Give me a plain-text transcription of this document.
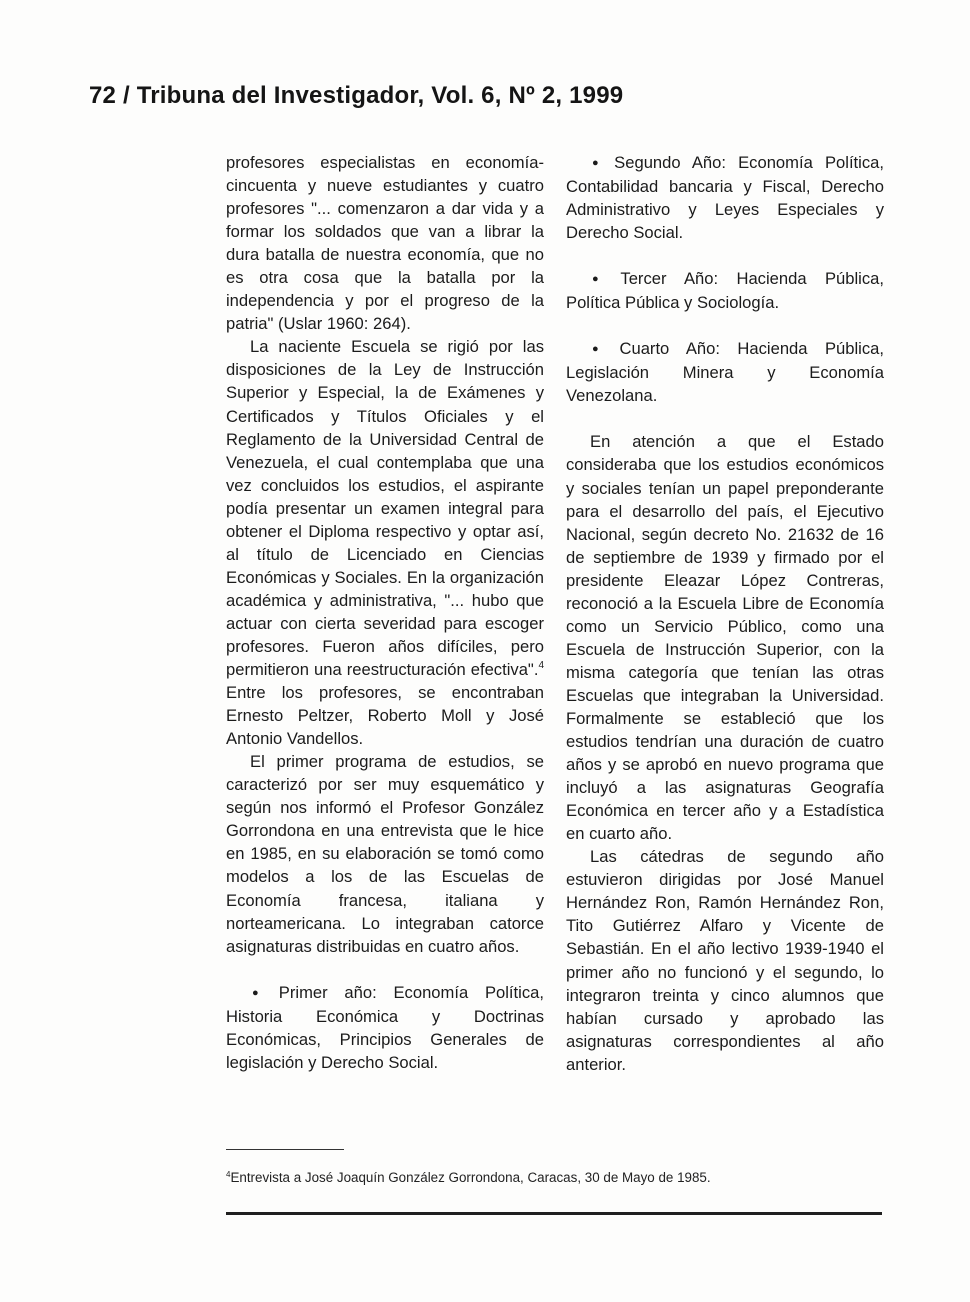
72 / Tribuna del Investigador, Vol. 6, Nº 2, 1999

profesores especialistas en economía- cincuenta y nueve estudiantes y cuatro profesores "... comenzaron a dar vida y a formar los soldados que van a librar la dura batalla de nuestra economía, que no es otra cosa que la batalla por la independencia y por el progreso de la patria" (Uslar 1960: 264).

La naciente Escuela se rigió por las disposiciones de la Ley de Instrucción Superior y Especial, la de Exámenes y Certificados y Títulos Oficiales y el Reglamento de la Universidad Central de Venezuela, el cual contemplaba que una vez concluidos los estudios, el aspirante podía presentar un examen integral para obtener el Diploma respectivo y optar así, al título de Licenciado en Ciencias Económicas y Sociales. En la organización académica y administrativa, "... hubo que actuar con cierta severidad para escoger profesores. Fueron años difíciles, pero permitieron una reestructuración efectiva".$^4$ Entre los profesores, se encontraban Ernesto Peltzer, Roberto Moll y José Antonio Vandellos.

El primer programa de estudios, se caracterizó por ser muy esquemático y según nos informó el Profesor González Gorrondona en una entrevista que le hice en 1985, en su elaboración se tomó como modelos a los de las Escuelas de Economía francesa, italiana y norteamericana. Lo integraban catorce asignaturas distribuidas en cuatro años.

● Primer año: Economía Política, Historia Económica y Doctrinas Económicas, Principios Generales de legislación y Derecho Social.

● Segundo Año: Economía Política, Contabilidad bancaria y Fiscal, Derecho Administrativo y Leyes Especiales y Derecho Social.

● Tercer Año: Hacienda Pública, Política Pública y Sociología.

● Cuarto Año: Hacienda Pública, Legislación Minera y Economía Venezolana.

En atención a que el Estado consideraba que los estudios económicos y sociales tenían un papel preponderante para el desarrollo del país, el Ejecutivo Nacional, según decreto No. 21632 de 16 de septiembre de 1939 y firmado por el presidente Eleazar López Contreras, reconoció a la Escuela Libre de Economía como un Servicio Público, como una Escuela de Instrucción Superior, con la misma categoría que tenían las otras Escuelas que integraban la Universidad. Formalmente se estableció que los estudios tendrían una duración de cuatro años y se aprobó en nuevo programa que incluyó a las asignaturas Geografía Económica en tercer año y a Estadística en cuarto año.

Las cátedras de segundo año estuvieron dirigidas por José Manuel Hernández Ron, Ramón Hernández Ron, Tito Gutiérrez Alfaro y Vicente de Sebastián. En el año lectivo 1939-1940 el primer año no funcionó y el segundo, lo integraron treinta y cinco alumnos que habían cursado y aprobado las asignaturas correspondientes al año anterior.

$^4$Entrevista a José Joaquín González Gorrondona, Caracas, 30 de Mayo de 1985.
